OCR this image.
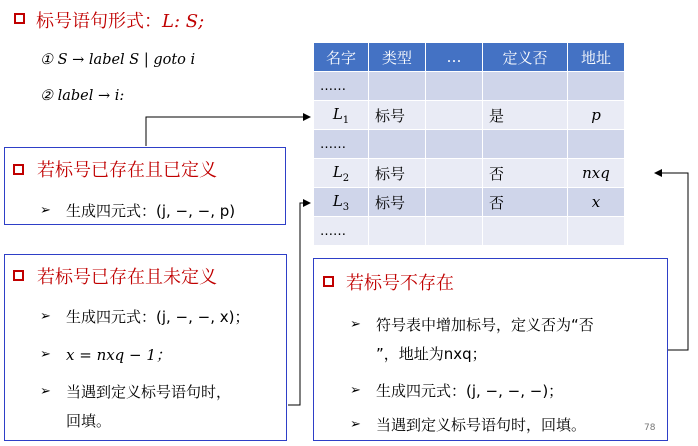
标号语句形式：L: S;
① S → label S | goto i
② label → i:
名字	类型	…	定义否	地址
……				
$L_1$	标号		是	p
……				
$L_2$	标号		否	nxq
$L_3$	标号		否	x
……				
若标号已存在且已定义
➢ 生成四元式：(j, −, −, p)
若标号已存在且未定义
➢ 生成四元式：(j, −, −, x)；
➢ x = nxq − 1；
➢ 当遇到定义标号语句时，
回填。
若标号不存在
➢ 符号表中增加标号，定义否为“否
”，地址为nxq；
➢ 生成四元式：(j, −, −, −)；
➢ 当遇到定义标号语句时，回填。	78
